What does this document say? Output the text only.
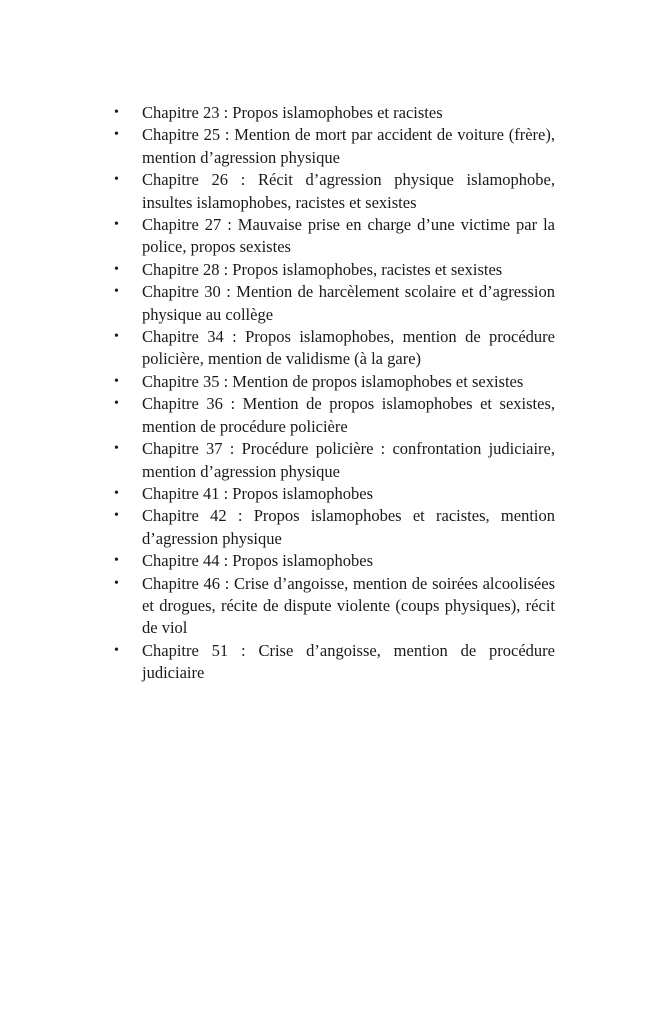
• Chapitre 23 : Propos islamophobes et racistes
• Chapitre 25 : Mention de mort par accident de voiture (frère), mention d’agression physique
• Chapitre 26 : Récit d’agression physique islamophobe, insultes islamophobes, racistes et sexistes
• Chapitre 27 : Mauvaise prise en charge d’une victime par la police, propos sexistes
• Chapitre 28 : Propos islamophobes, racistes et sexistes
• Chapitre 30 : Mention de harcèlement scolaire et d’agression physique au collège
• Chapitre 34 : Propos islamophobes, mention de procédure policière, mention de validisme (à la gare)
• Chapitre 35 : Mention de propos islamophobes et sexistes
• Chapitre 36 : Mention de propos islamophobes et sexistes, mention de procédure policière
• Chapitre 37 : Procédure policière : confrontation judiciaire, mention d’agression physique
• Chapitre 41 : Propos islamophobes
• Chapitre 42 : Propos islamophobes et racistes, mention d’agression physique
• Chapitre 44 : Propos islamophobes
• Chapitre 46 : Crise d’angoisse, mention de soirées alcoolisées et drogues, récite de dispute violente (coups physiques), récit de viol
• Chapitre 51 : Crise d’angoisse, mention de procédure judiciaire
